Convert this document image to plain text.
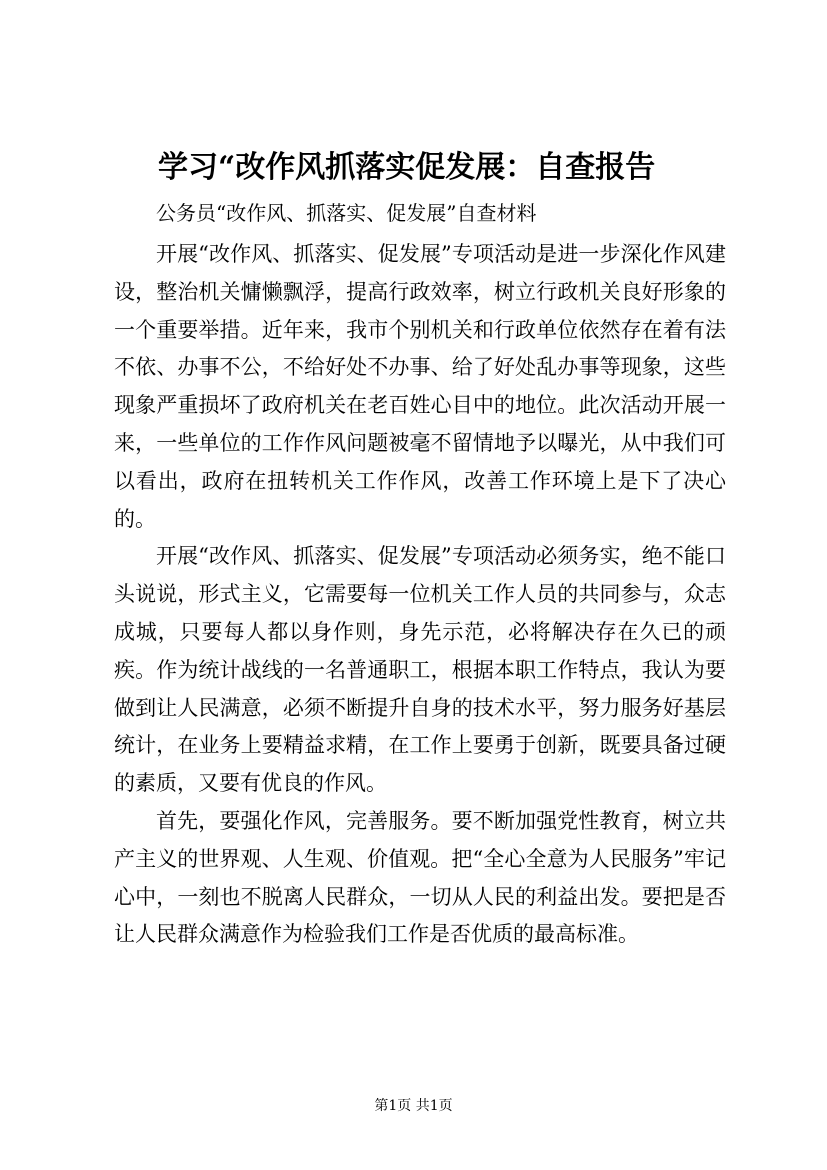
学习“改作风抓落实促发展：自查报告
公务员“改作风、抓落实、促发展”自查材料

开展“改作风、抓落实、促发展”专项活动是进一步深化作风建设，整治机关慵懒飘浮，提高行政效率，树立行政机关良好形象的一个重要举措。近年来，我市个别机关和行政单位依然存在着有法不依、办事不公，不给好处不办事、给了好处乱办事等现象，这些现象严重损坏了政府机关在老百姓心目中的地位。此次活动开展一来，一些单位的工作作风问题被毫不留情地予以曝光，从中我们可以看出，政府在扭转机关工作作风，改善工作环境上是下了决心的。

开展“改作风、抓落实、促发展”专项活动必须务实，绝不能口头说说，形式主义，它需要每一位机关工作人员的共同参与，众志成城，只要每人都以身作则，身先示范，必将解决存在久已的顽疾。作为统计战线的一名普通职工，根据本职工作特点，我认为要做到让人民满意，必须不断提升自身的技术水平，努力服务好基层统计，在业务上要精益求精，在工作上要勇于创新，既要具备过硬的素质，又要有优良的作风。

首先，要强化作风，完善服务。要不断加强党性教育，树立共产主义的世界观、人生观、价值观。把“全心全意为人民服务”牢记心中，一刻也不脱离人民群众，一切从人民的利益出发。要把是否让人民群众满意作为检验我们工作是否优质的最高标准。

第1页 共1页
